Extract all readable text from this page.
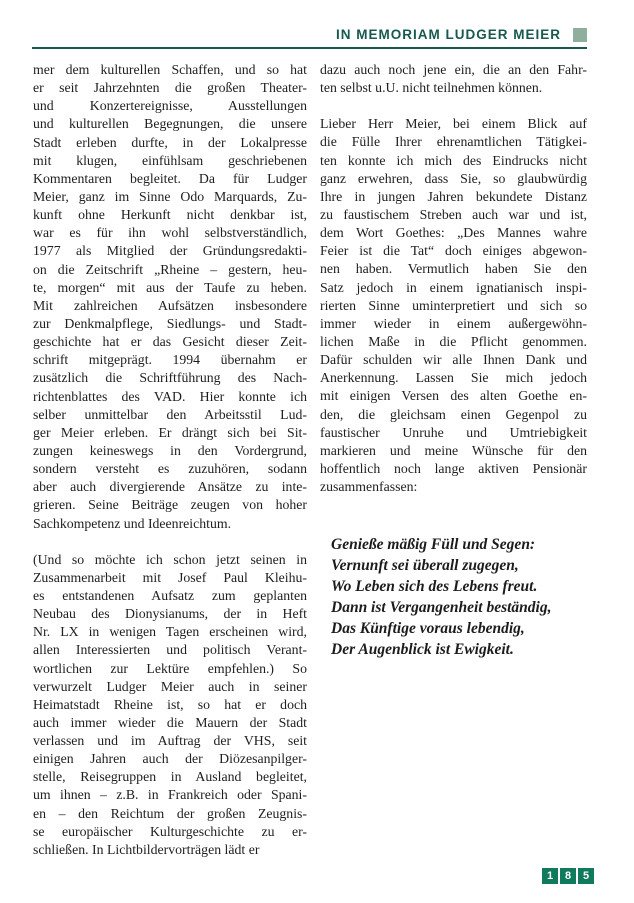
IN MEMORIAM LUDGER MEIER
mer dem kulturellen Schaffen, und so hat
er seit Jahrzehnten die großen Theater-
und Konzertereignisse, Ausstellungen
und kulturellen Begegnungen, die unsere
Stadt erleben durfte, in der Lokalpresse
mit klugen, einfühlsam geschriebenen
Kommentaren begleitet. Da für Ludger
Meier, ganz im Sinne Odo Marquards, Zu-
kunft ohne Herkunft nicht denkbar ist,
war es für ihn wohl selbstverständlich,
1977 als Mitglied der Gründungsredakti-
on die Zeitschrift „Rheine – gestern, heu-
te, morgen“ mit aus der Taufe zu heben.
Mit zahlreichen Aufsätzen insbesondere
zur Denkmalpflege, Siedlungs- und Stadt-
geschichte hat er das Gesicht dieser Zeit-
schrift mitgeprägt. 1994 übernahm er
zusätzlich die Schriftführung des Nach-
richtenblattes des VAD. Hier konnte ich
selber unmittelbar den Arbeitsstil Lud-
ger Meier erleben. Er drängt sich bei Sit-
zungen keineswegs in den Vordergrund,
sondern versteht es zuzuhören, sodann
aber auch divergierende Ansätze zu inte-
grieren. Seine Beiträge zeugen von hoher
Sachkompetenz und Ideenreichtum.
(Und so möchte ich schon jetzt seinen in
Zusammenarbeit mit Josef Paul Kleihu-
es entstandenen Aufsatz zum geplanten
Neubau des Dionysianums, der in Heft
Nr. LX in wenigen Tagen erscheinen wird,
allen Interessierten und politisch Verant-
wortlichen zur Lektüre empfehlen.) So
verwurzelt Ludger Meier auch in seiner
Heimatstadt Rheine ist, so hat er doch
auch immer wieder die Mauern der Stadt
verlassen und im Auftrag der VHS, seit
einigen Jahren auch der Diözesanpilger-
stelle, Reisegruppen in Ausland begleitet,
um ihnen – z.B. in Frankreich oder Spani-
en – den Reichtum der großen Zeugnis-
se europäischer Kulturgeschichte zu er-
schließen. In Lichtbildervorträgen lädt er
dazu auch noch jene ein, die an den Fahr-
ten selbst u.U. nicht teilnehmen können.
Lieber Herr Meier, bei einem Blick auf
die Fülle Ihrer ehrenamtlichen Tätigkei-
ten konnte ich mich des Eindrucks nicht
ganz erwehren, dass Sie, so glaubwürdig
Ihre in jungen Jahren bekundete Distanz
zu faustischem Streben auch war und ist,
dem Wort Goethes: „Des Mannes wahre
Feier ist die Tat“ doch einiges abgewon-
nen haben. Vermutlich haben Sie den
Satz jedoch in einem ignatianisch inspi-
rierten Sinne uminterpretiert und sich so
immer wieder in einem außergewöhn-
lichen Maße in die Pflicht genommen.
Dafür schulden wir alle Ihnen Dank und
Anerkennung. Lassen Sie mich jedoch
mit einigen Versen des alten Goethe en-
den, die gleichsam einen Gegenpol zu
faustischer Unruhe und Umtriebigkeit
markieren und meine Wünsche für den
hoffentlich noch lange aktiven Pensionär
zusammenfassen:
Genieße mäßig Füll und Segen:
Vernunft sei überall zugegen,
Wo Leben sich des Lebens freut.
Dann ist Vergangenheit beständig,
Das Künftige voraus lebendig,
Der Augenblick ist Ewigkeit.
1	8	5
